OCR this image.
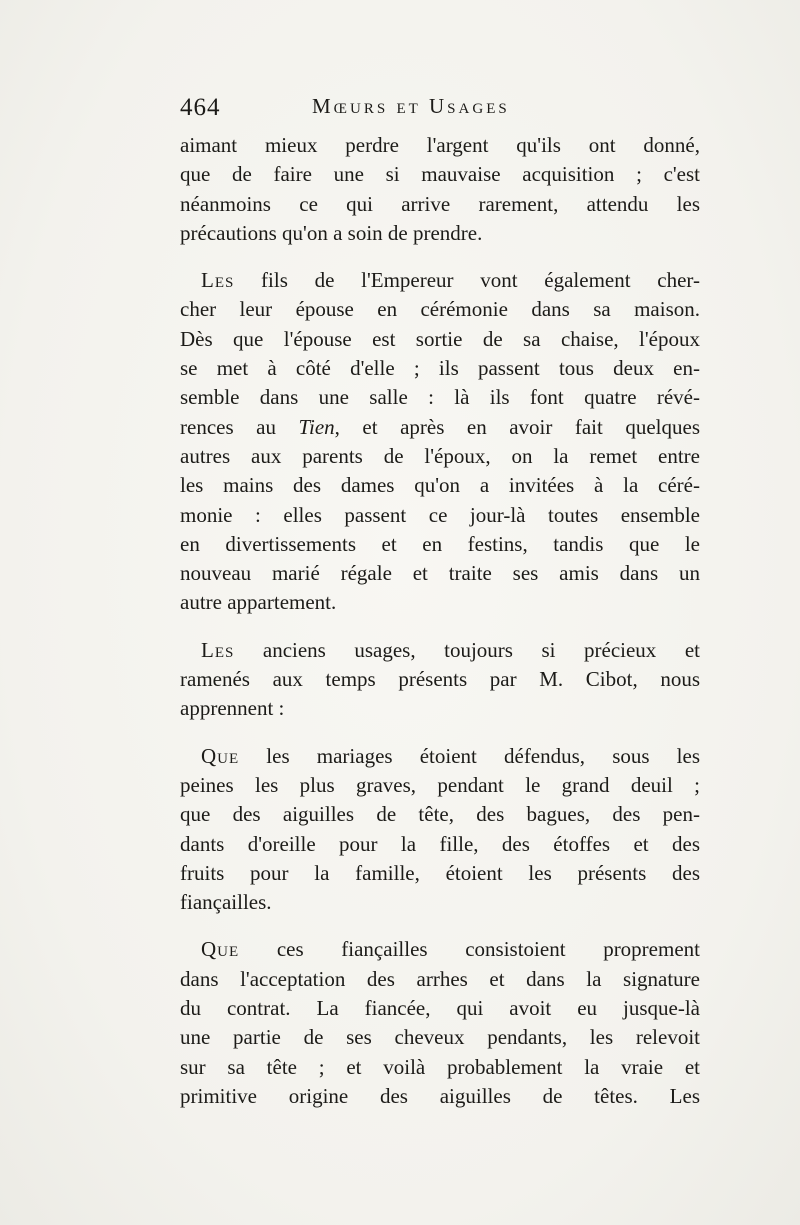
464	Mœurs et Usages

aimant mieux perdre l'argent qu'ils ont donné,
que de faire une si mauvaise acquisition ; c'est
néanmoins ce qui arrive rarement, attendu les
précautions qu'on a soin de prendre.

 Les fils de l'Empereur vont également cher-
cher leur épouse en cérémonie dans sa maison.
Dès que l'épouse est sortie de sa chaise, l'époux
se met à côté d'elle ; ils passent tous deux en-
semble dans une salle : là ils font quatre révé-
rences au Tien, et après en avoir fait quelques
autres aux parents de l'époux, on la remet entre
les mains des dames qu'on a invitées à la céré-
monie : elles passent ce jour-là toutes ensemble
en divertissements et en festins, tandis que le
nouveau marié régale et traite ses amis dans un
autre appartement.

 Les anciens usages, toujours si précieux et
ramenés aux temps présents par M. Cibot, nous
apprennent :

 Que les mariages étoient défendus, sous les
peines les plus graves, pendant le grand deuil ;
que des aiguilles de tête, des bagues, des pen-
dants d'oreille pour la fille, des étoffes et des
fruits pour la famille, étoient les présents des
fiançailles.

 Que ces fiançailles consistoient proprement
dans l'acceptation des arrhes et dans la signature
du contrat. La fiancée, qui avoit eu jusque-là
une partie de ses cheveux pendants, les relevoit
sur sa tête ; et voilà probablement la vraie et
primitive origine des aiguilles de têtes. Les
